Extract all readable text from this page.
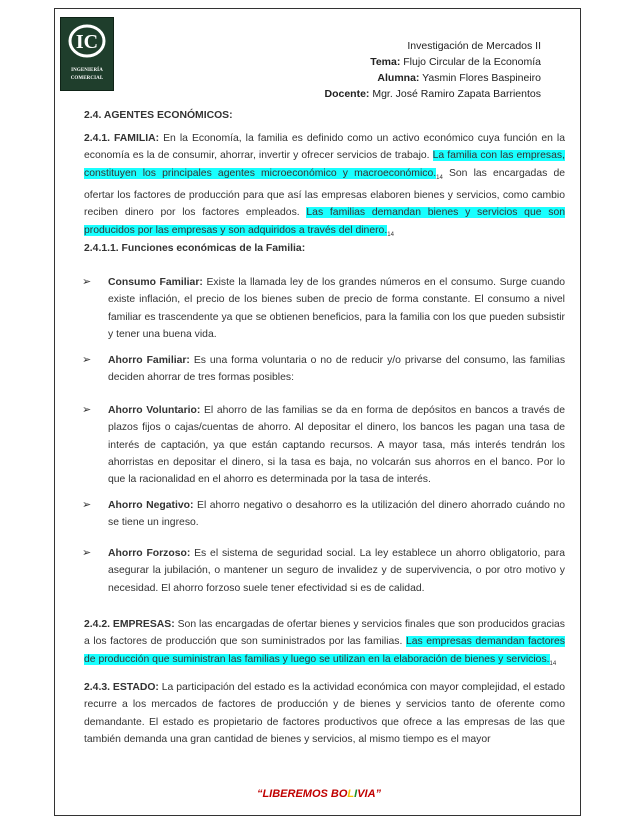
IC
INGENIERÍA
COMERCIAL
Investigación de Mercados II
Tema: Flujo Circular de la Economía
Alumna: Yasmin Flores Baspineiro
Docente: Mgr. José Ramiro Zapata Barrientos
2.4. AGENTES ECONÓMICOS:
2.4.1. FAMILIA: En la Economía, la familia es definido como un activo económico cuya función en la economía es la de consumir, ahorrar, invertir y ofrecer servicios de trabajo. La familia con las empresas, constituyen los principales agentes microeconómico y $macroeconómico._{14}$ Son las encargadas de ofertar los factores de producción para que así las empresas elaboren bienes y servicios, como cambio reciben dinero por los factores empleados. Las familias demandan bienes y servicios que son producidos por las empresas y son adquiridos a través del $dinero._{14}$
2.4.1.1. Funciones económicas de la Familia:
➢ Consumo Familiar: Existe la llamada ley de los grandes números en el consumo. Surge cuando existe inflación, el precio de los bienes suben de precio de forma constante. El consumo a nivel familiar es trascendente ya que se obtienen beneficios, para la familia con los que pueden subsistir y tener una buena vida.
➢ Ahorro Familiar: Es una forma voluntaria o no de reducir y/o privarse del consumo, las familias deciden ahorrar de tres formas posibles:
➢ Ahorro Voluntario: El ahorro de las familias se da en forma de depósitos en bancos a través de plazos fijos o cajas/cuentas de ahorro. Al depositar el dinero, los bancos les pagan una tasa de interés de captación, ya que están captando recursos. A mayor tasa, más interés tendrán los ahorristas en depositar el dinero, si la tasa es baja, no volcarán sus ahorros en el banco. Por lo que la racionalidad en el ahorro es determinada por la tasa de interés.
➢ Ahorro Negativo: El ahorro negativo o desahorro es la utilización del dinero ahorrado cuándo no se tiene un ingreso.
➢ Ahorro Forzoso: Es el sistema de seguridad social. La ley establece un ahorro obligatorio, para asegurar la jubilación, o mantener un seguro de invalidez y de supervivencia, o por otro motivo y necesidad. El ahorro forzoso suele tener efectividad si es de calidad.
2.4.2. EMPRESAS: Son las encargadas de ofertar bienes y servicios finales que son producidos gracias a los factores de producción que son suministrados por las familias. Las empresas demandan factores de producción que suministran las familias y luego se utilizan en la elaboración de bienes y $servicios._{14}$
2.4.3. ESTADO: La participación del estado es la actividad económica con mayor complejidad, el estado recurre a los mercados de factores de producción y de bienes y servicios tanto de oferente como demandante. El estado es propietario de factores productivos que ofrece a las empresas de las que también demanda una gran cantidad de bienes y servicios, al mismo tiempo es el mayor
“LIBEREMOS BOLIVIA”
